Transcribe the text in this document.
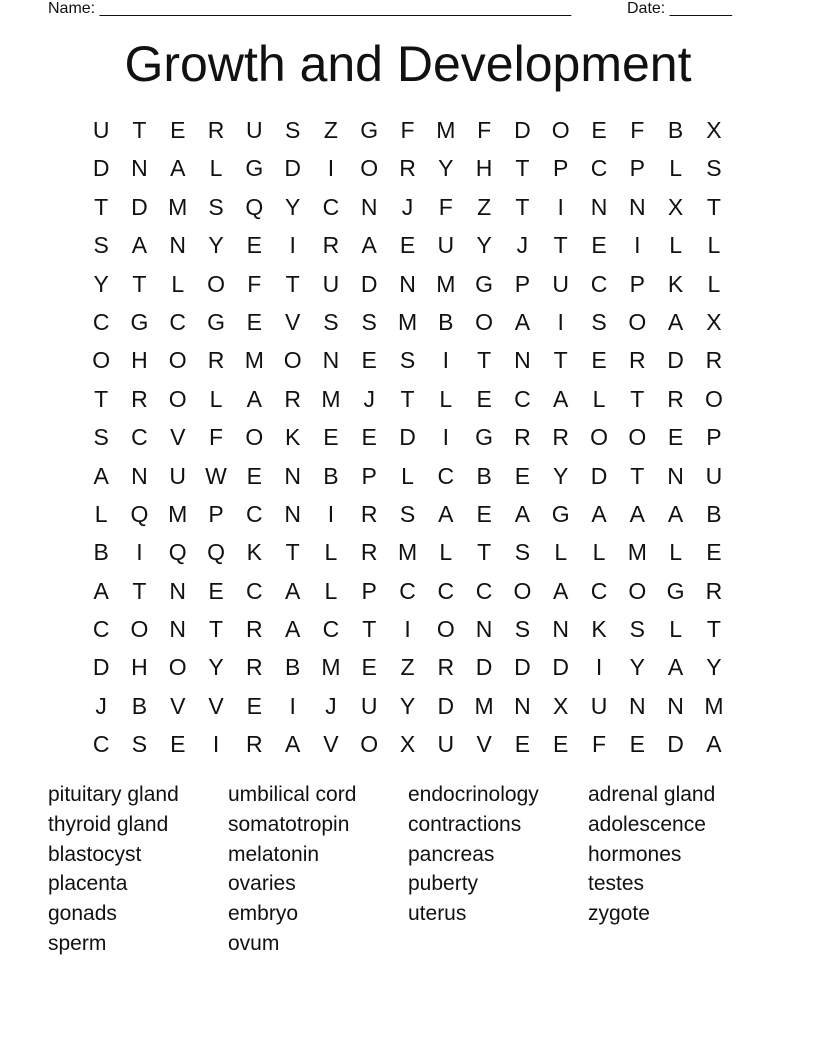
Name: _____________________________________________________	Date: _______
Growth and Development
U T	E R U S	Z G F M F D O E	F	B X
D N A	L G D	I	O R Y H T	P C P	L	S
T D M S Q Y C N	J	F	Z	T	I	N N X	T
S A N Y E	I	R A E U Y	J	T	E	I	L	L
Y	T	L O F	T U D N M G P U C P K	L
C G C G E V S S M B O A	I	S O A X
O H O R M O N E S	I	T N T	E R D R
T R O L	A R M J	T	L	E C A	L	T R O
S C V	F O K E E D	I	G R R O O E P
A N U W E N B P	L	C B E Y D T N U
L Q M P C N	I	R S A E A G A A A B
B	I	Q Q K	T	L	R M L	T	S	L	L M L	E
A	T N E C A	L	P C C C O A C O G R
C O N T R A C T	I	O N S N K S	L	T
D H O Y R B M E	Z R D D D	I	Y A Y
J	B V V E	I	J	U Y D M N X U N N M
C S E	I	R A V O X U V E E	F	E D A
pituitary gland	umbilical cord	endocrinology	adrenal gland
thyroid gland	somatotropin	contractions	adolescence
blastocyst	melatonin	pancreas	hormones
placenta	ovaries	puberty	testes
gonads	embryo	uterus	zygote
sperm	ovum
